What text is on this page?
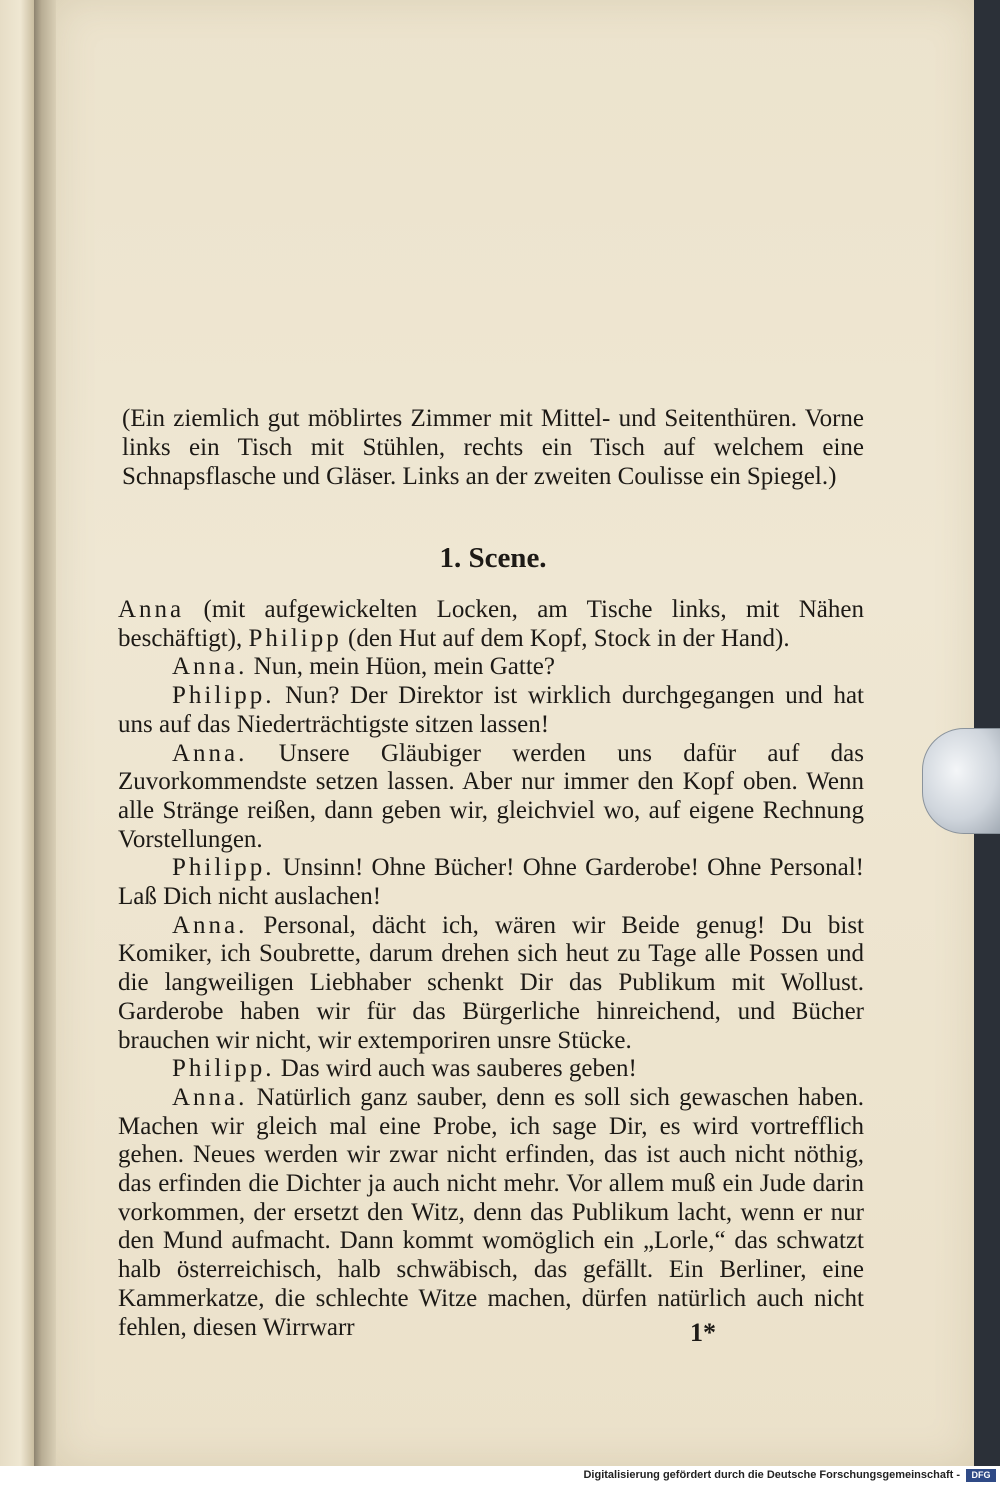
(Ein ziemlich gut möblirtes Zimmer mit Mittel- und Seitenthüren. Vorne links ein Tisch mit Stühlen, rechts ein Tisch auf welchem eine Schnapsflasche und Gläser. Links an der zweiten Coulisse ein Spiegel.)
1. Scene.

Anna (mit aufgewickelten Locken, am Tische links, mit Nähen beschäftigt), Philipp (den Hut auf dem Kopf, Stock in der Hand).

Anna. Nun, mein Hüon, mein Gatte?

Philipp. Nun? Der Direktor ist wirklich durchgegangen und hat uns auf das Niederträchtigste sitzen lassen!

Anna. Unsere Gläubiger werden uns dafür auf das Zuvorkommendste setzen lassen. Aber nur immer den Kopf oben. Wenn alle Stränge reißen, dann geben wir, gleichviel wo, auf eigene Rechnung Vorstellungen.

Philipp. Unsinn! Ohne Bücher! Ohne Garderobe! Ohne Personal! Laß Dich nicht auslachen!

Anna. Personal, dächt ich, wären wir Beide genug! Du bist Komiker, ich Soubrette, darum drehen sich heut zu Tage alle Possen und die langweiligen Liebhaber schenkt Dir das Publikum mit Wollust. Garderobe haben wir für das Bürgerliche hinreichend, und Bücher brauchen wir nicht, wir extemporiren unsre Stücke.

Philipp. Das wird auch was sauberes geben!

Anna. Natürlich ganz sauber, denn es soll sich gewaschen haben. Machen wir gleich mal eine Probe, ich sage Dir, es wird vortrefflich gehen. Neues werden wir zwar nicht erfinden, das ist auch nicht nöthig, das erfinden die Dichter ja auch nicht mehr. Vor allem muß ein Jude darin vorkommen, der ersetzt den Witz, denn das Publikum lacht, wenn er nur den Mund aufmacht. Dann kommt womöglich ein „Lorle,“ das schwatzt halb österreichisch, halb schwäbisch, das gefällt. Ein Berliner, eine Kammerkatze, die schlechte Witze machen, dürfen natürlich auch nicht fehlen, diesen Wirrwarr	1*
Digitalisierung gefördert durch die Deutsche Forschungsgemeinschaft -	DFG
